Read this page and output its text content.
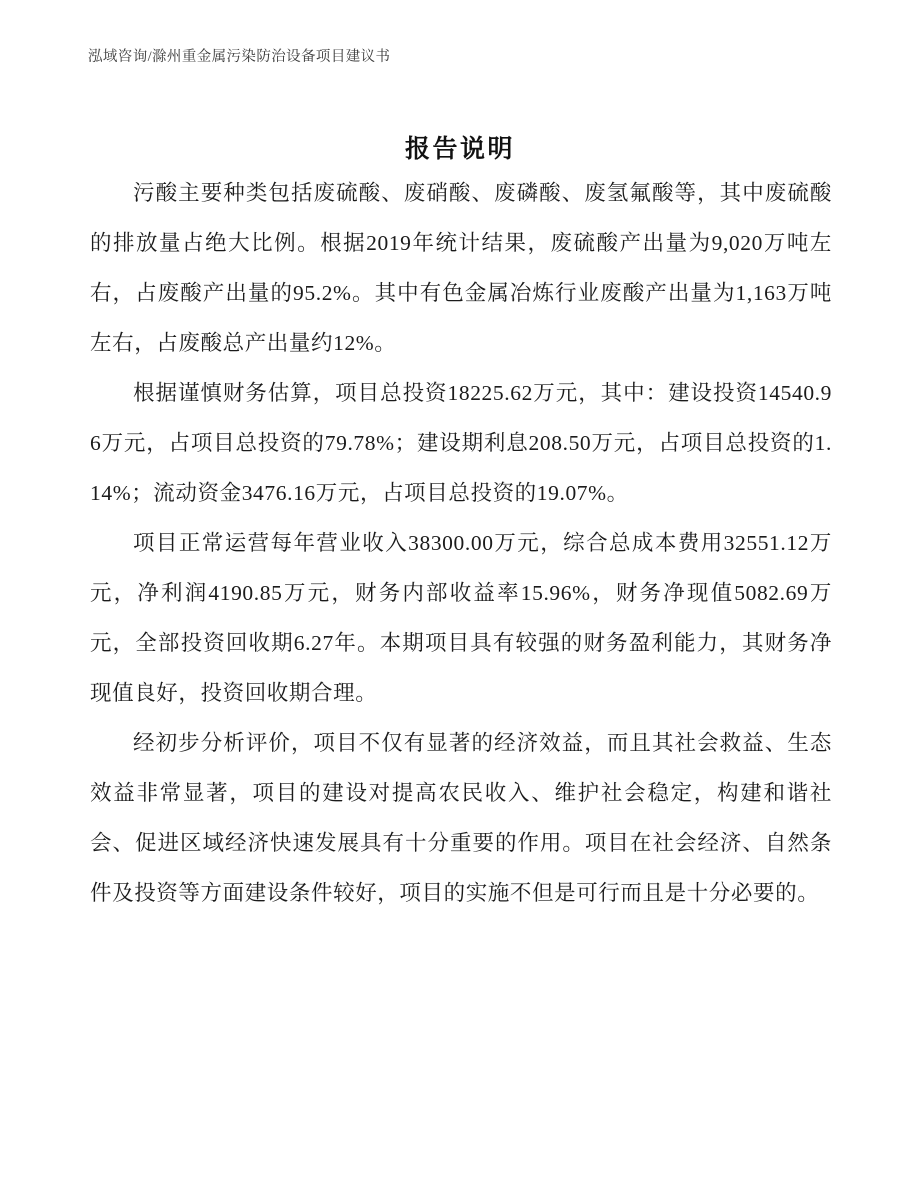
泓域咨询/滁州重金属污染防治设备项目建议书
报告说明

污酸主要种类包括废硫酸、废硝酸、废磷酸、废氢氟酸等，其中废硫酸的排放量占绝大比例。根据2019年统计结果，废硫酸产出量为9,020万吨左右，占废酸产出量的95.2%。其中有色金属冶炼行业废酸产出量为1,163万吨左右，占废酸总产出量约12%。

根据谨慎财务估算，项目总投资18225.62万元，其中：建设投资14540.96万元，占项目总投资的79.78%；建设期利息208.50万元，占项目总投资的1.14%；流动资金3476.16万元，占项目总投资的19.07%。

项目正常运营每年营业收入38300.00万元，综合总成本费用32551.12万元，净利润4190.85万元，财务内部收益率15.96%，财务净现值5082.69万元，全部投资回收期6.27年。本期项目具有较强的财务盈利能力，其财务净现值良好，投资回收期合理。

经初步分析评价，项目不仅有显著的经济效益，而且其社会救益、生态效益非常显著，项目的建设对提高农民收入、维护社会稳定，构建和谐社会、促进区域经济快速发展具有十分重要的作用。项目在社会经济、自然条件及投资等方面建设条件较好，项目的实施不但是可行而且是十分必要的。
